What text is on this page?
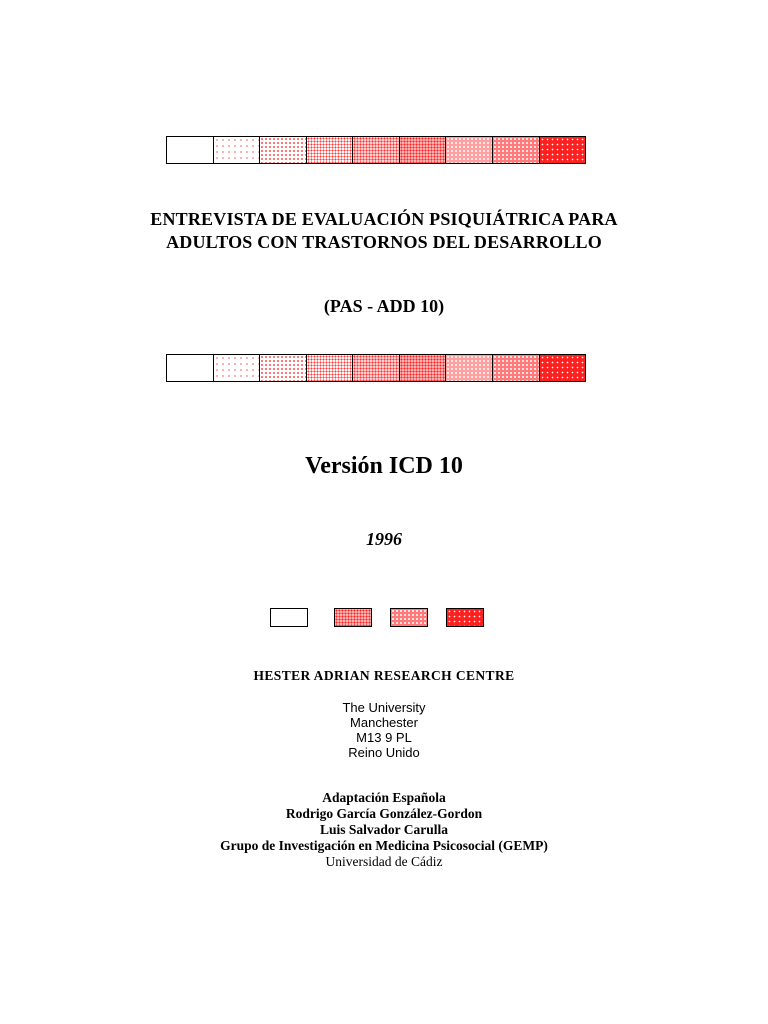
ENTREVISTA DE EVALUACIÓN PSIQUIÁTRICA PARA
ADULTOS CON TRASTORNOS DEL DESARROLLO
(PAS - ADD 10)
Versión ICD 10
1996
HESTER ADRIAN RESEARCH CENTRE
The University
Manchester
M13 9 PL
Reino Unido
Adaptación Española
Rodrigo García González-Gordon
Luis Salvador Carulla
Grupo de Investigación en Medicina Psicosocial (GEMP)
Universidad de Cádiz
